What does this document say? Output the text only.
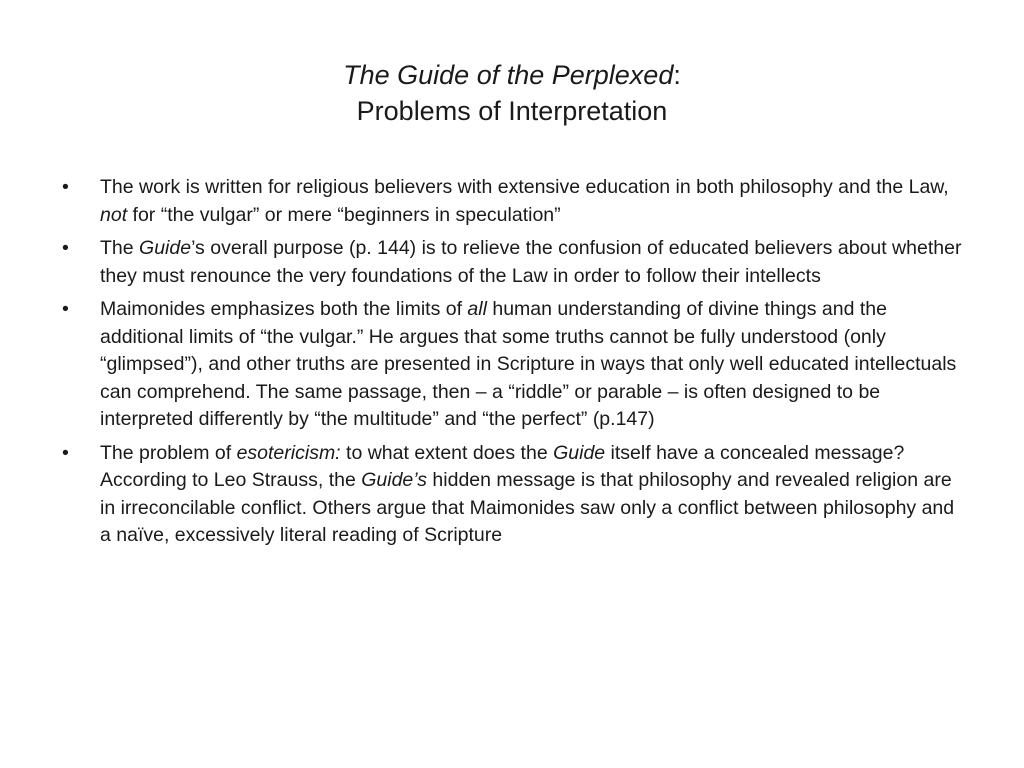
The Guide of the Perplexed:
Problems of Interpretation
• The work is written for religious believers with extensive education in both philosophy and the Law, not for “the vulgar” or mere “beginners in speculation”
• The Guide’s overall purpose (p. 144) is to relieve the confusion of educated believers about whether they must renounce the very foundations of the Law in order to follow their intellects
• Maimonides emphasizes both the limits of all human understanding of divine things and the additional limits of “the vulgar.” He argues that some truths cannot be fully understood (only “glimpsed”), and other truths are presented in Scripture in ways that only well educated intellectuals can comprehend. The same passage, then – a “riddle” or parable – is often designed to be interpreted differently by “the multitude” and “the perfect” (p.147)
• The problem of esotericism: to what extent does the Guide itself have a concealed message? According to Leo Strauss, the Guide’s hidden message is that philosophy and revealed religion are in irreconcilable conflict. Others argue that Maimonides saw only a conflict between philosophy and a naïve, excessively literal reading of Scripture
